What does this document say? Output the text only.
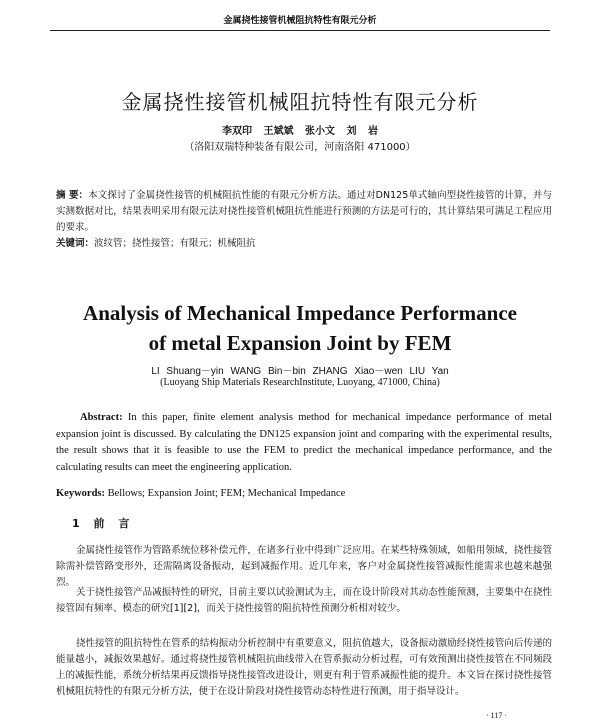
金属挠性接管机械阻抗特性有限元分析
金属挠性接管机械阻抗特性有限元分析
李双印 王斌斌 张小文 刘 岩
（洛阳双瑞特种装备有限公司，河南洛阳 471000）
摘 要：本文探讨了金属挠性接管的机械阻抗性能的有限元分析方法。通过对DN125单式轴向型挠性接管的计算，并与实测数据对比，结果表明采用有限元法对挠性接管机械阻抗性能进行预测的方法是可行的，其计算结果可满足工程应用的要求。
关键词：波纹管；挠性接管；有限元；机械阻抗
Analysis of Mechanical Impedance Performance
of metal Expansion Joint by FEM
LI Shuang－yin WANG Bin－bin ZHANG Xiao－wen LIU Yan
(Luoyang Ship Materials ResearchInstitute, Luoyang, 471000, China)
Abstract: In this paper, finite element analysis method for mechanical impedance performance of metal expansion joint is discussed. By calculating the DN125 expansion joint and comparing with the experimental results, the result shows that it is feasible to use the FEM to predict the mechanical impedance performance, and the calculating results can meet the engineering application.
Keywords: Bellows; Expansion Joint; FEM; Mechanical Impedance
1 前 言

金属挠性接管作为管路系统位移补偿元件，在诸多行业中得到广泛应用。在某些特殊领域，如船用领域，挠性接管除需补偿管路变形外，还需隔离设备振动，起到减振作用。近几年来，客户对金属挠性接管减振性能需求也越来越强烈。

关于挠性接管产品减振特性的研究，目前主要以试验测试为主，而在设计阶段对其动态性能预测，主要集中在挠性接管固有频率、模态的研究[1][2]，而关于挠性接管的阻抗特性预测分析相对较少。

挠性接管的阻抗特性在管系的结构振动分析控制中有重要意义，阻抗值越大，设备振动激励经挠性接管向后传递的能量越小，减振效果越好。通过将挠性接管机械阻抗曲线带入在管系振动分析过程，可有效预测出挠性接管在不同频段上的减振性能，系统分析结果再反馈指导挠性接管改进设计，则更有利于管系减振性能的提升。本文旨在探讨挠性接管机械阻抗特性的有限元分析方法，便于在设计阶段对挠性接管动态特性进行预测，用于指导设计。

· 117 ·
